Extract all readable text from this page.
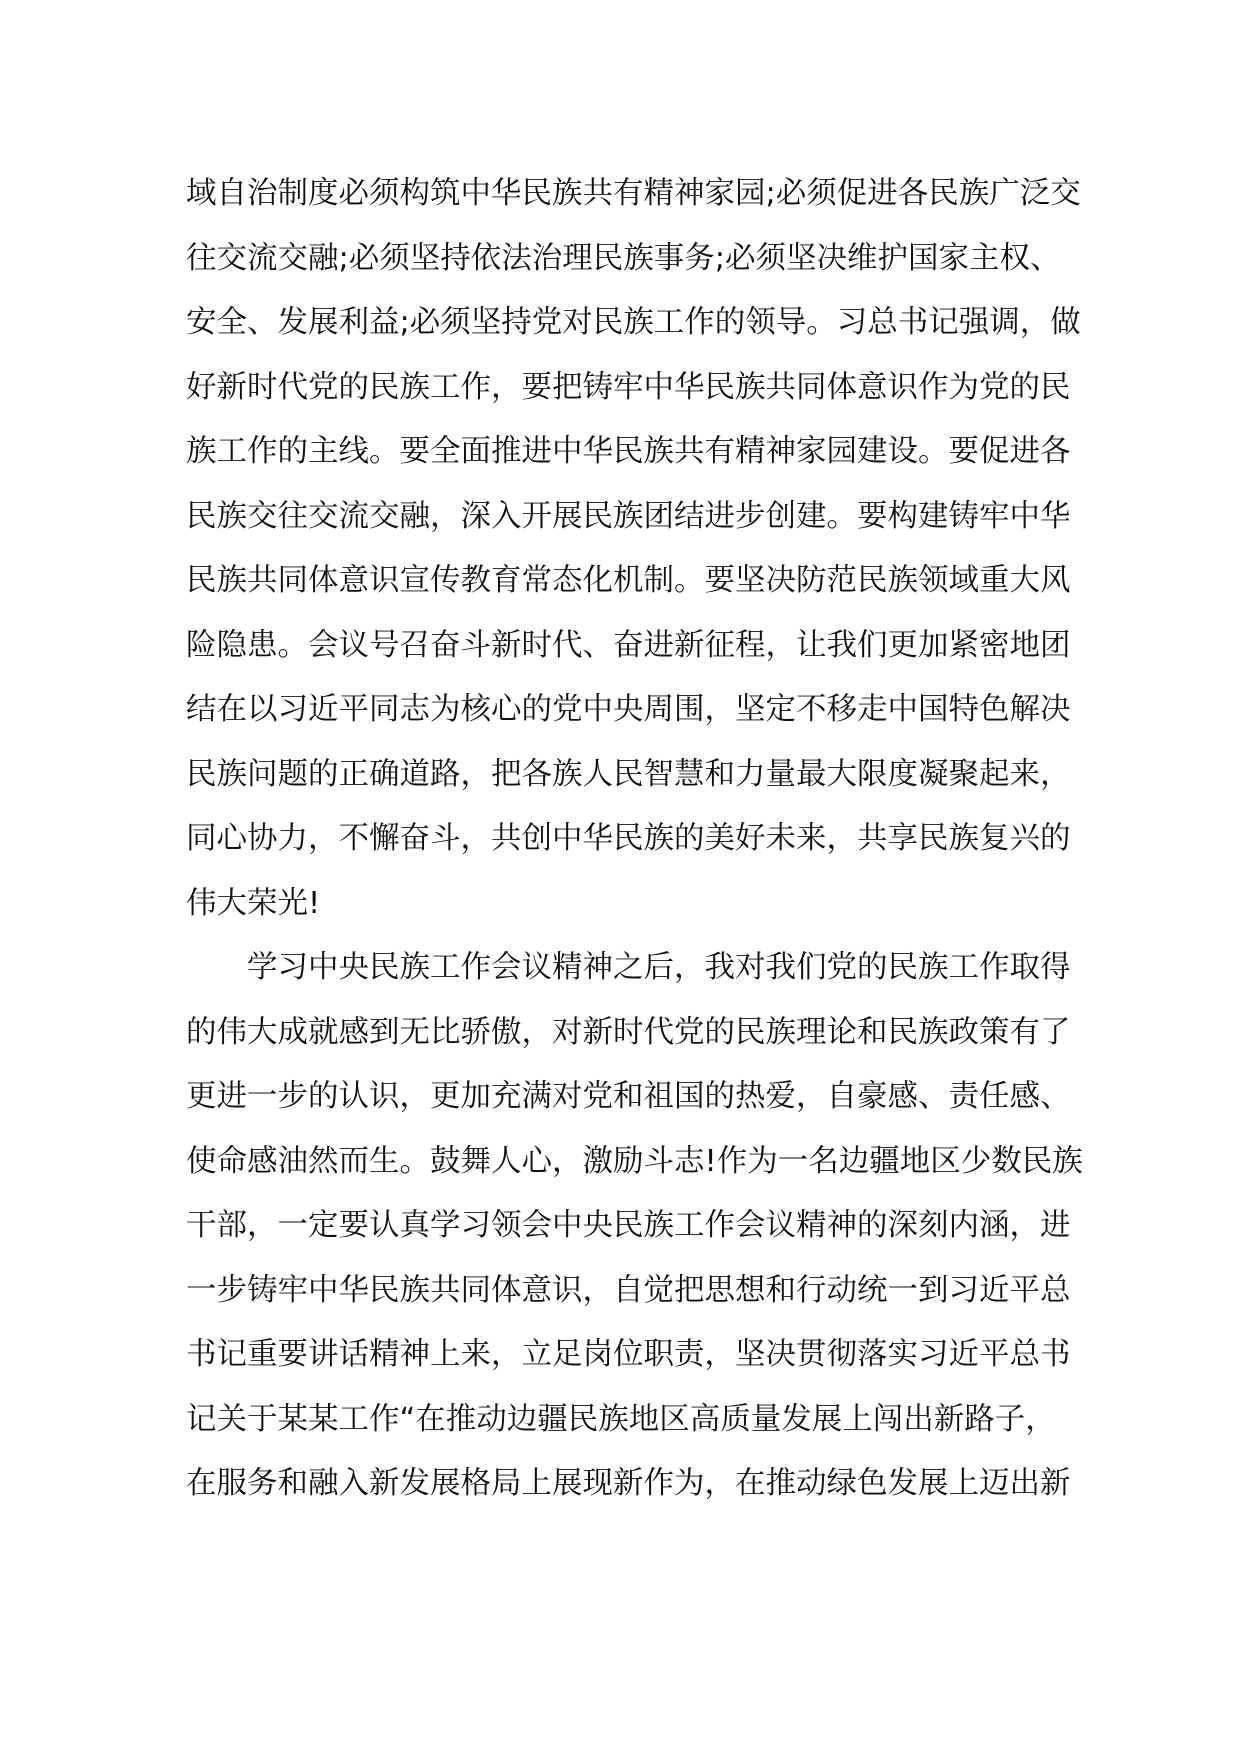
域自治制度必须构筑中华民族共有精神家园;必须促进各民族广泛交
往交流交融;必须坚持依法治理民族事务;必须坚决维护国家主权、
安全、发展利益;必须坚持党对民族工作的领导。习总书记强调，做
好新时代党的民族工作，要把铸牢中华民族共同体意识作为党的民
族工作的主线。要全面推进中华民族共有精神家园建设。要促进各
民族交往交流交融，深入开展民族团结进步创建。要构建铸牢中华
民族共同体意识宣传教育常态化机制。要坚决防范民族领域重大风
险隐患。会议号召奋斗新时代、奋进新征程，让我们更加紧密地团
结在以习近平同志为核心的党中央周围，坚定不移走中国特色解决
民族问题的正确道路，把各族人民智慧和力量最大限度凝聚起来，
同心协力，不懈奋斗，共创中华民族的美好未来，共享民族复兴的
伟大荣光!
　　学习中央民族工作会议精神之后，我对我们党的民族工作取得
的伟大成就感到无比骄傲，对新时代党的民族理论和民族政策有了
更进一步的认识，更加充满对党和祖国的热爱，自豪感、责任感、
使命感油然而生。鼓舞人心，激励斗志!作为一名边疆地区少数民族
干部，一定要认真学习领会中央民族工作会议精神的深刻内涵，进
一步铸牢中华民族共同体意识，自觉把思想和行动统一到习近平总
书记重要讲话精神上来，立足岗位职责，坚决贯彻落实习近平总书
记关于某某工作“在推动边疆民族地区高质量发展上闯出新路子，
在服务和融入新发展格局上展现新作为，在推动绿色发展上迈出新
